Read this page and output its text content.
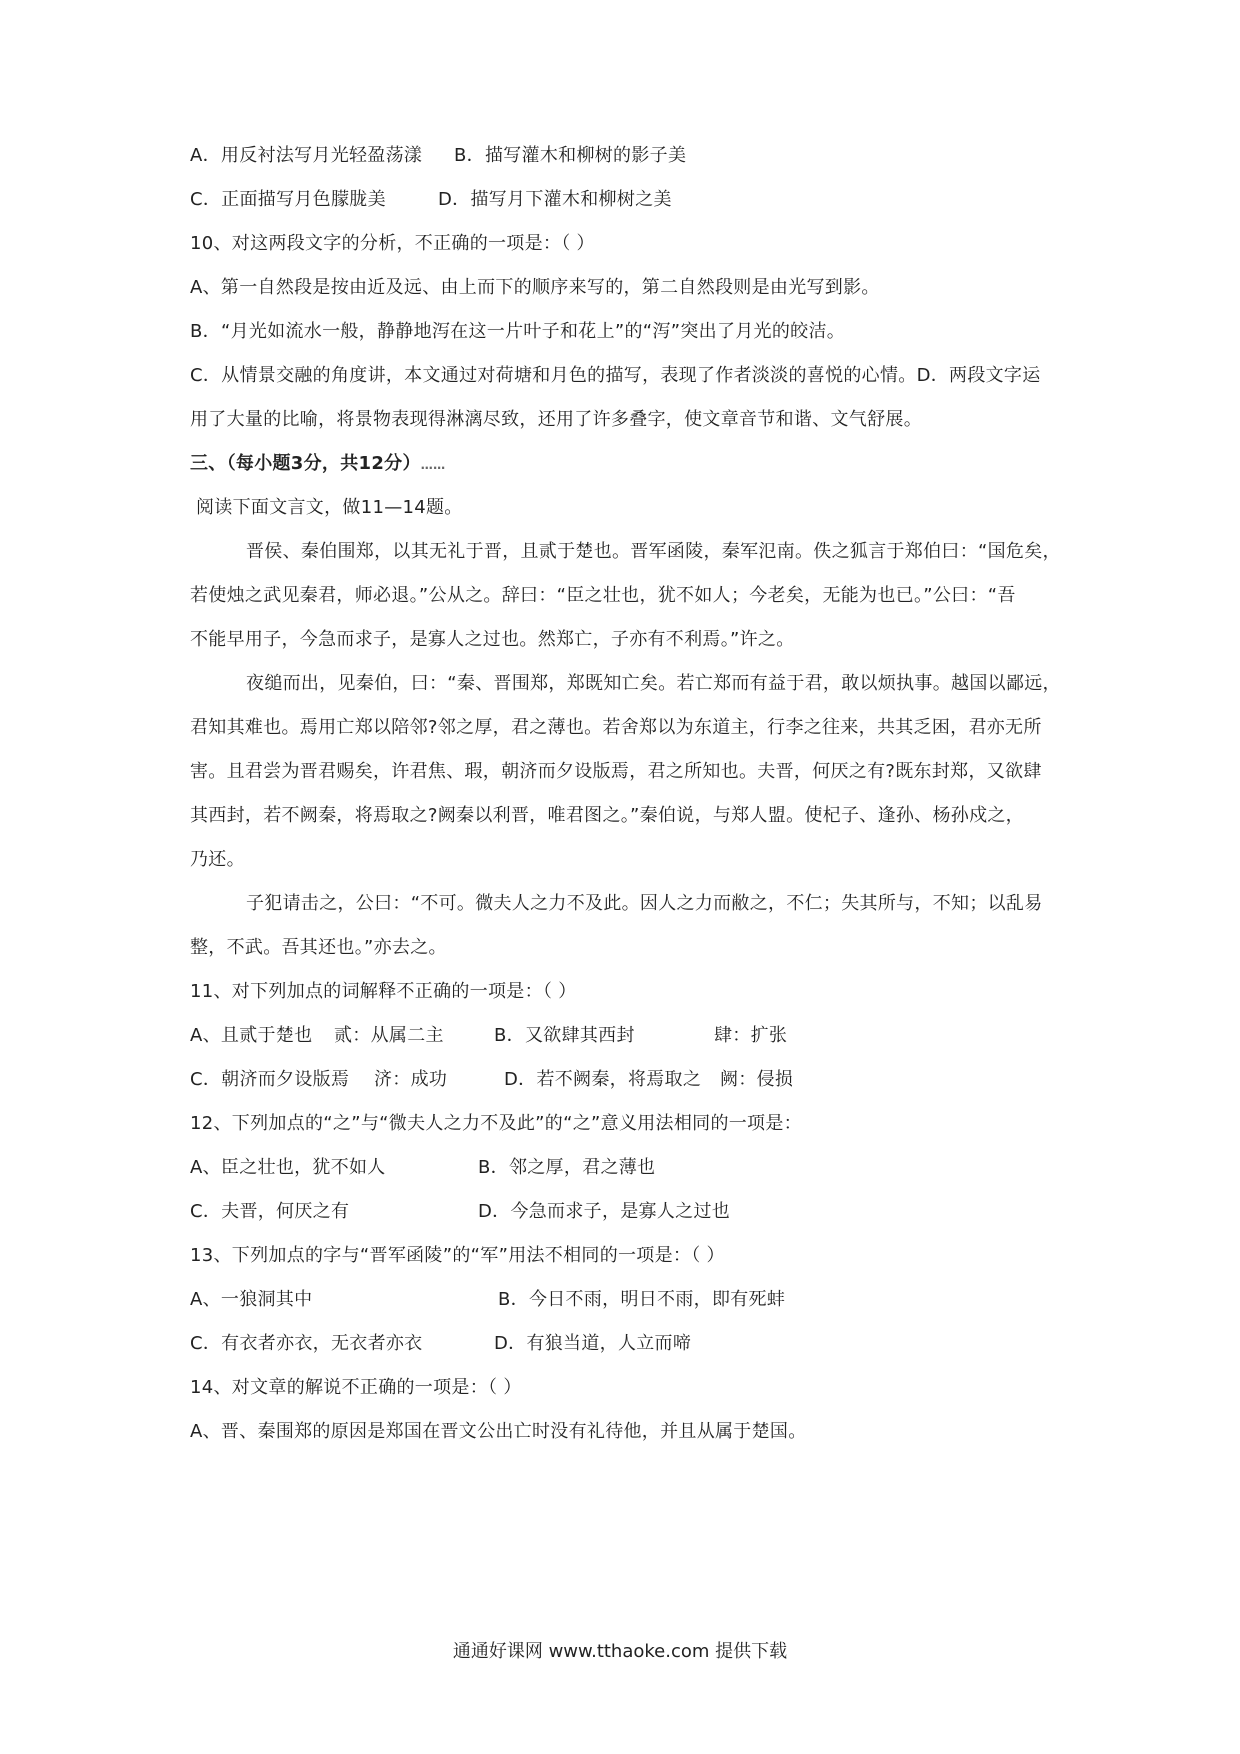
A．用反衬法写月光轻盈荡漾 B．描写灌木和柳树的影子美
C．正面描写月色朦胧美	D．描写月下灌木和柳树之美
10、对这两段文字的分析，不正确的一项是：（ ）
A、第一自然段是按由近及远、由上而下的顺序来写的，第二自然段则是由光写到影。
B．“月光如流水一般，静静地泻在这一片叶子和花上”的“泻”突出了月光的皎洁。
C．从情景交融的角度讲，本文通过对荷塘和月色的描写，表现了作者淡淡的喜悦的心情。D．两段文字运
用了大量的比喻，将景物表现得淋漓尽致，还用了许多叠字，使文章音节和谐、文气舒展。
三、（每小题3分，共12分）……
阅读下面文言文，做11—14题。
晋侯、秦伯围郑，以其无礼于晋，且贰于楚也。晋军函陵，秦军氾南。佚之狐言于郑伯曰：“国危矣，
若使烛之武见秦君，师必退。”公从之。辞曰：“臣之壮也，犹不如人；今老矣，无能为也已。”公曰：“吾
不能早用子，今急而求子，是寡人之过也。然郑亡，子亦有不利焉。”许之。
夜缒而出，见秦伯，曰：“秦、晋围郑，郑既知亡矣。若亡郑而有益于君，敢以烦执事。越国以鄙远，
君知其难也。焉用亡郑以陪邻?邻之厚，君之薄也。若舍郑以为东道主，行李之往来，共其乏困，君亦无所
害。且君尝为晋君赐矣，许君焦、瑕，朝济而夕设版焉，君之所知也。夫晋，何厌之有?既东封郑，又欲肆
其西封，若不阙秦，将焉取之?阙秦以利晋，唯君图之。”秦伯说，与郑人盟。使杞子、逢孙、杨孙戍之，
乃还。
子犯请击之，公曰：“不可。微夫人之力不及此。因人之力而敝之，不仁；失其所与，不知；以乱易
整，不武。吾其还也。”亦去之。
11、对下列加点的词解释不正确的一项是：（ ）
A、且贰于楚也 贰：从属二主	B．又欲肆其西封	肆：扩张
C．朝济而夕设版焉 济：成功	D．若不阙秦，将焉取之 阙：侵损
12、下列加点的“之”与“微夫人之力不及此”的“之”意义用法相同的一项是：
A、臣之壮也，犹不如人	B．邻之厚，君之薄也
C．夫晋，何厌之有	D．今急而求子，是寡人之过也
13、下列加点的字与“晋军函陵”的“军”用法不相同的一项是：（ ）
A、一狼洞其中	B．今日不雨，明日不雨，即有死蚌
C．有衣者亦衣，无衣者亦衣	D．有狼当道，人立而啼
14、对文章的解说不正确的一项是：（ ）
A、晋、秦围郑的原因是郑国在晋文公出亡时没有礼待他，并且从属于楚国。
通通好课网 www.tthaoke.com 提供下载
